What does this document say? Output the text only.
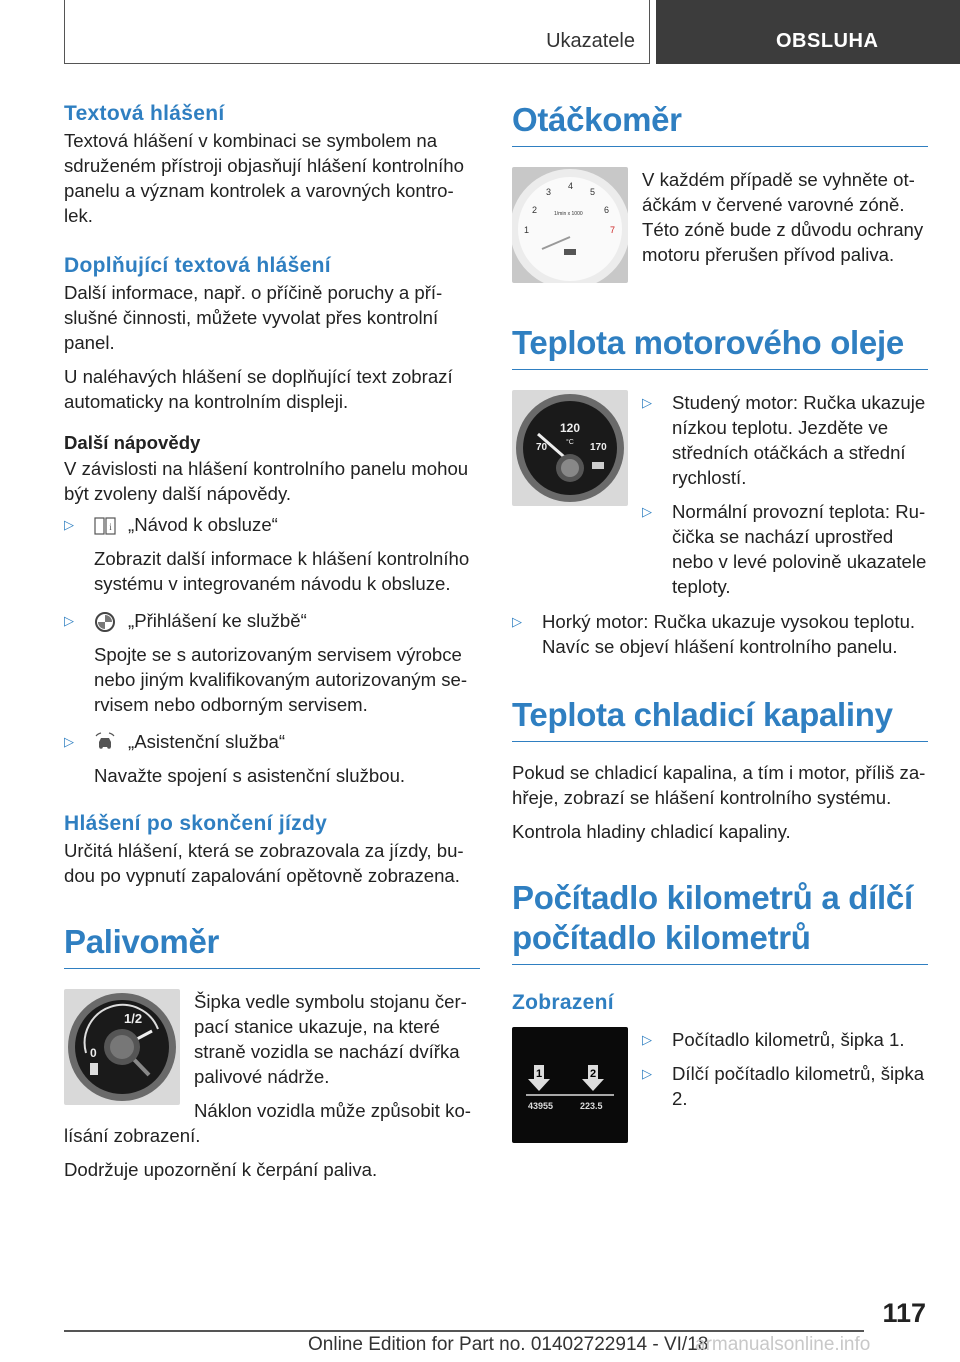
Ukazatele	OBSLUHA
Textová hlášení

Textová hlášení v kombinaci se symbolem na sdruženém přístroji objasňují hlášení kontrolního panelu a význam kontrolek a varovných kontro-lek.

Doplňující textová hlášení

Další informace, např. o příčině poruchy a pří-slušné činnosti, můžete vyvolat přes kontrolní panel.

U naléhavých hlášení se doplňující text zobrazí automaticky na kontrolním displeji.

Další nápovědy

V závislosti na hlášení kontrolního panelu mohou být zvoleny další nápovědy.

▷	i „Návod k obsluze“

Zobrazit další informace k hlášení kontrolního systému v integrovaném návodu k obsluze.

▷	„Přihlášení ke službě“

Spojte se s autorizovaným servisem výrobce nebo jiným kvalifikovaným autorizovaným se-rvisem nebo odborným servisem.

▷	„Asistenční služba“

Navažte spojení s asistenční službou.

Hlášení po skončení jízdy

Určitá hlášení, která se zobrazovala za jízdy, bu-dou po vypnutí zapalování opětovně zobrazena.

Palivoměr
1/2
0

Šipka vedle symbolu stojanu čer-pací stanice ukazuje, na které straně vozidla se nachází dvířka palivové nádrže.

Náklon vozidla může způsobit ko-lísání zobrazení.

Dodržuje upozornění k čerpání paliva.

Otáčkoměr
2
1
3
4
5
6
7
1/min x 1000

V každém případě se vyhněte ot-áčkám v červené varovné zóně. Této zóně bude z důvodu ochrany motoru přerušen přívod paliva.

Teplota motorového oleje
120
°C
70	170
▷	Studený motor: Ručka ukazuje nízkou teplotu. Jezděte ve středních otáčkách a střední rychlostí.

▷	Normální provozní teplota: Ru-čička se nachází uprostřed nebo v levé polovině ukazatele teploty.

▷	Horký motor: Ručka ukazuje vysokou teplotu. Navíc se objeví hlášení kontrolního panelu.

Teplota chladicí kapaliny

Pokud se chladicí kapalina, a tím i motor, příliš za-hřeje, zobrazí se hlášení kontrolního systému.

Kontrola hladiny chladicí kapaliny.

Počítadlo kilometrů a dílčí počítadlo kilometrů
Zobrazení
1	2
43955	223.5
▷	Počítadlo kilometrů, šipka 1.

▷	Dílčí počítadlo kilometrů, šipka 2.

117
Online Edition for Part no. 01402722914 - VI/18
armanualsonline.info
